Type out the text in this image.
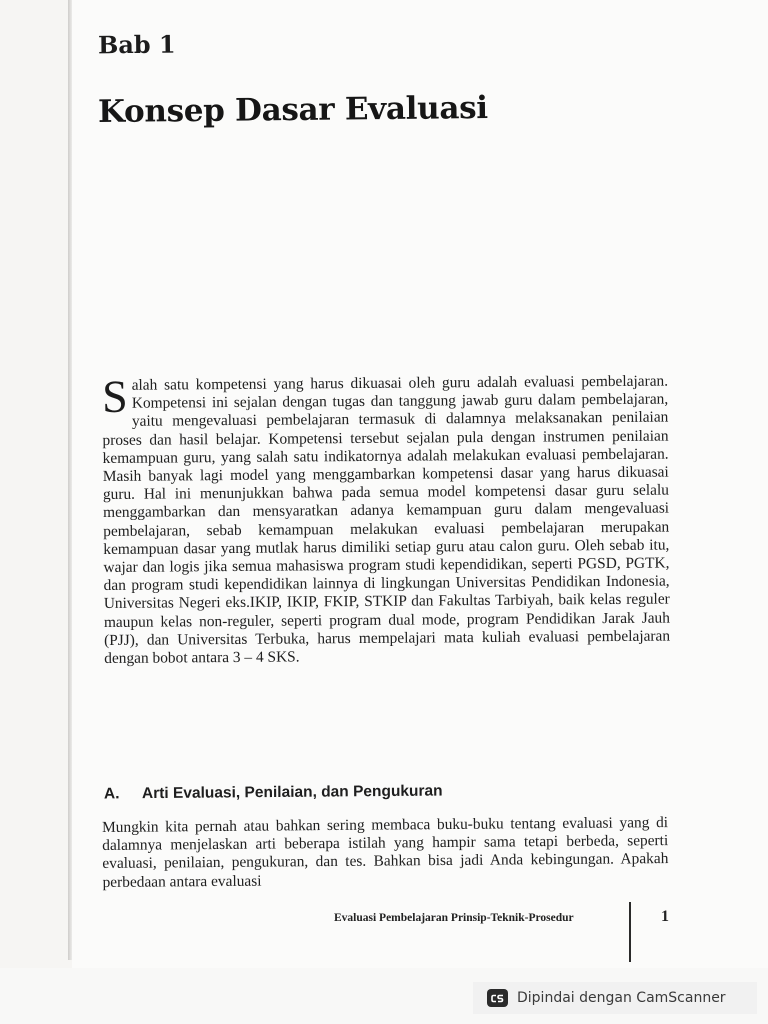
Bab 1
Konsep Dasar Evaluasi

Salah satu kompetensi yang harus dikuasai oleh guru adalah evaluasi pembelajaran. Kompetensi ini sejalan dengan tugas dan tanggung jawab guru dalam pembelajaran, yaitu mengevaluasi pembelajaran termasuk di dalamnya melaksanakan penilaian proses dan hasil belajar. Kompetensi tersebut sejalan pula dengan instrumen penilaian kemampuan guru, yang salah satu indikatornya adalah melakukan evaluasi pembelajaran. Masih banyak lagi model yang menggambarkan kompetensi dasar yang harus dikuasai guru. Hal ini menunjukkan bahwa pada semua model kompetensi dasar guru selalu menggambarkan dan mensyaratkan adanya kemampuan guru dalam mengevaluasi pembelajaran, sebab kemampuan melakukan evaluasi pembelajaran merupakan kemampuan dasar yang mutlak harus dimiliki setiap guru atau calon guru. Oleh sebab itu, wajar dan logis jika semua mahasiswa program studi kependidikan, seperti PGSD, PGTK, dan program studi kependidikan lainnya di lingkungan Universitas Pendidikan Indonesia, Universitas Negeri eks.IKIP, IKIP, FKIP, STKIP dan Fakultas Tarbiyah, baik kelas reguler maupun kelas non-reguler, seperti program dual mode, program Pendidikan Jarak Jauh (PJJ), dan Universitas Terbuka, harus mempelajari mata kuliah evaluasi pembelajaran dengan bobot antara 3 – 4 SKS.

A. Arti Evaluasi, Penilaian, dan Pengukuran

Mungkin kita pernah atau bahkan sering membaca buku-buku tentang evaluasi yang di dalamnya menjelaskan arti beberapa istilah yang hampir sama tetapi berbeda, seperti evaluasi, penilaian, pengukuran, dan tes. Bahkan bisa jadi Anda kebingungan. Apakah perbedaan antara evaluasi

Evaluasi Pembelajaran Prinsip-Teknik-Prosedur	1

Dipindai dengan CamScanner
